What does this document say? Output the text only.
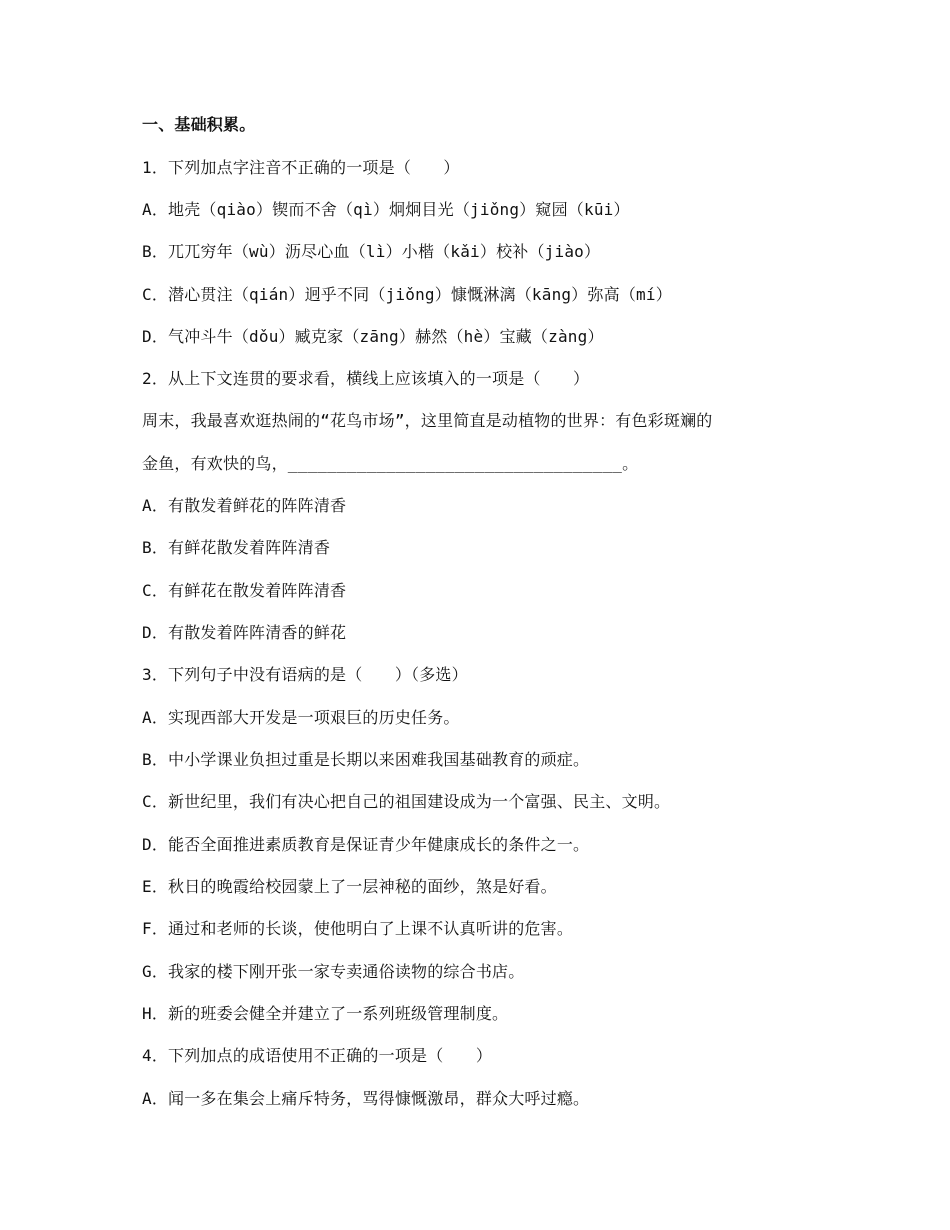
一、基础积累。
1．下列加点字注音不正确的一项是（　　）
A．地壳（qiào）锲而不舍（qì）炯炯目光（jiǒng）窥园（kūi）
B．兀兀穷年（wù）沥尽心血（lì）小楷（kǎi）校补（jiào）
C．潜心贯注（qián）迥乎不同（jiǒng）慷慨淋漓（kāng）弥高（mí）
D．气冲斗牛（dǒu）臧克家（zāng）赫然（hè）宝藏（zàng）
2．从上下文连贯的要求看，横线上应该填入的一项是（　　）
周末，我最喜欢逛热闹的“花鸟市场”，这里简直是动植物的世界：有色彩斑斓的
金鱼，有欢快的鸟，__________________________________。
A．有散发着鲜花的阵阵清香
B．有鲜花散发着阵阵清香
C．有鲜花在散发着阵阵清香
D．有散发着阵阵清香的鲜花
3．下列句子中没有语病的是（　　）（多选）
A．实现西部大开发是一项艰巨的历史任务。
B．中小学课业负担过重是长期以来困难我国基础教育的顽症。
C．新世纪里，我们有决心把自己的祖国建设成为一个富强、民主、文明。
D．能否全面推进素质教育是保证青少年健康成长的条件之一。
E．秋日的晚霞给校园蒙上了一层神秘的面纱，煞是好看。
F．通过和老师的长谈，使他明白了上课不认真听讲的危害。
G．我家的楼下刚开张一家专卖通俗读物的综合书店。
H．新的班委会健全并建立了一系列班级管理制度。
4．下列加点的成语使用不正确的一项是（　　）
A．闻一多在集会上痛斥特务，骂得慷慨激昂，群众大呼过瘾。
